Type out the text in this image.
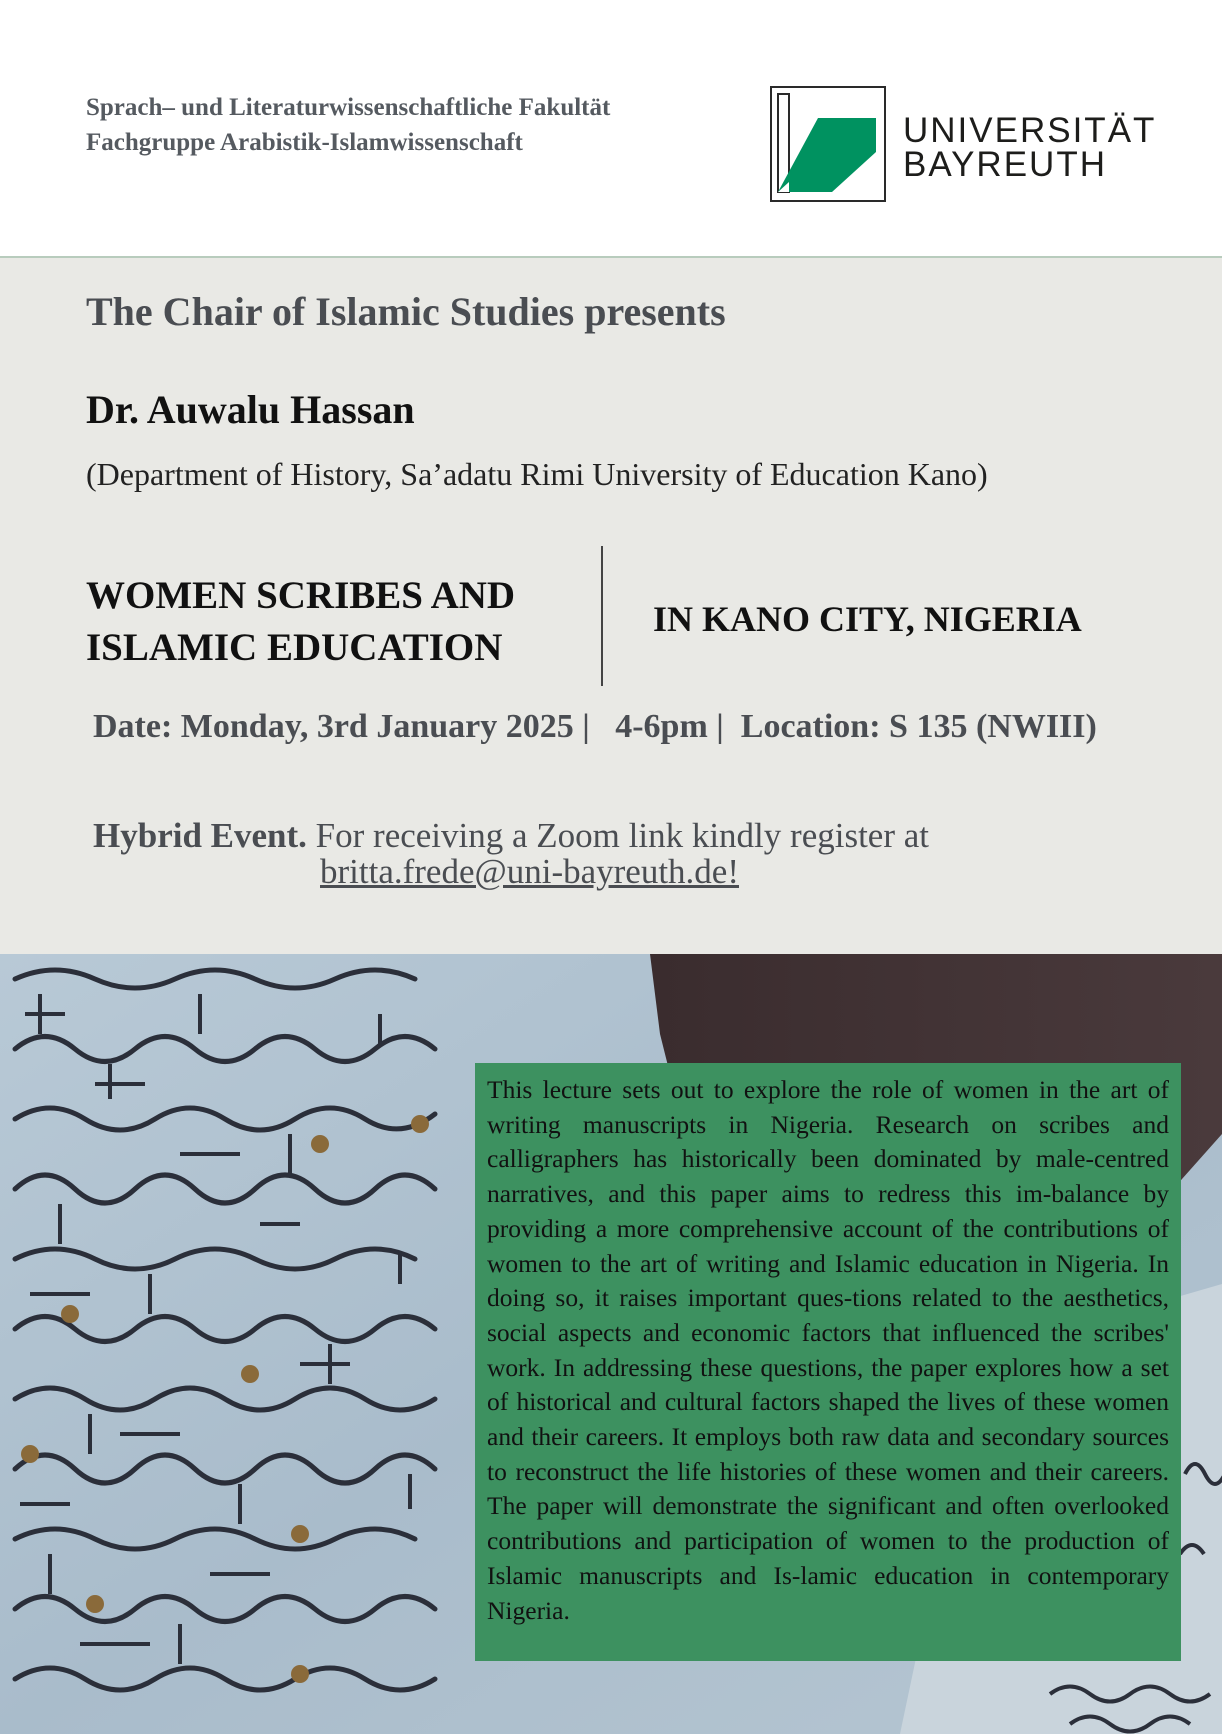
Sprach– und Literaturwissenschaftliche Fakultät
Fachgruppe Arabistik-Islamwissenschaft	UNIVERSITÄT
BAYREUTH
The Chair of Islamic Studies presents
Dr. Auwalu Hassan
(Department of History, Sa’adatu Rimi University of Education Kano)
WOMEN SCRIBES AND
ISLAMIC EDUCATION
IN KANO CITY, NIGERIA
Date: Monday, 3rd January 2025 |   4-6pm |  Location: S 135 (NWIII)
Hybrid Event. For receiving a Zoom link kindly register at
britta.frede@uni-bayreuth.de!
This lecture sets out to explore the role of women in the art of writing manuscripts in Nigeria. Research on scribes and calligraphers has historically been dominated by male-centred narratives, and this paper aims to redress this im-balance by providing a more comprehensive account of the contributions of women to the art of writing and Islamic education in Nigeria. In doing so, it raises important ques-tions related to the aesthetics, social aspects and economic factors that influenced the scribes' work. In addressing these questions, the paper explores how a set of historical and cultural factors shaped the lives of these women and their careers. It employs both raw data and secondary sources to reconstruct the life histories of these women and their careers. The paper will demonstrate the significant and often overlooked contributions and participation of women to the production of Islamic manuscripts and Is-lamic education in contemporary Nigeria.
